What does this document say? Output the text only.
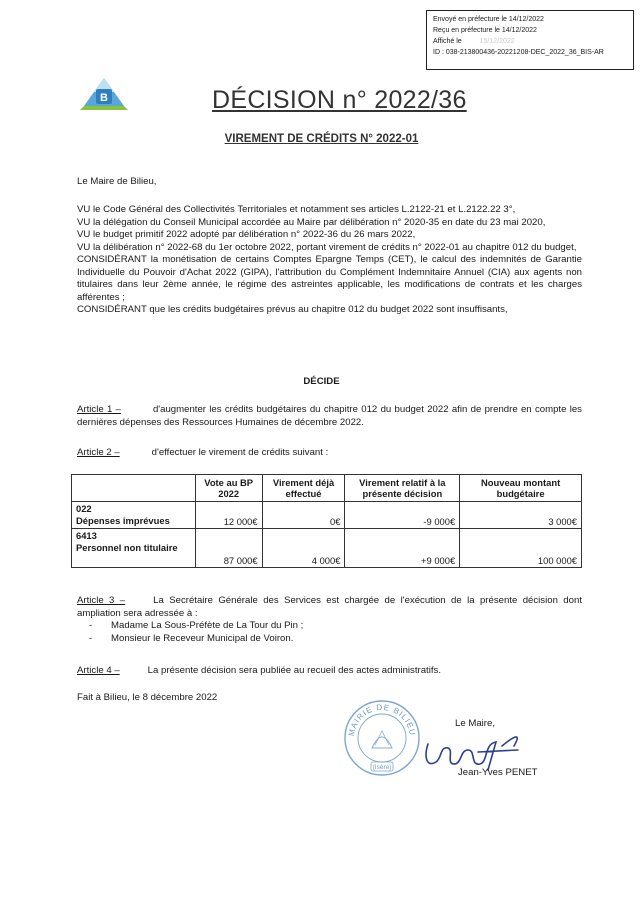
Envoyé en préfecture le 14/12/2022
Reçu en préfecture le 14/12/2022
Affiché le	15/12/2022
ID : 038-213800436-20221208-DEC_2022_36_BIS-AR
B	DÉCISION n° 2022/36
VIREMENT DE CRÉDITS N° 2022-01
Le Maire de Bilieu,

VU le Code Général des Collectivités Territoriales et notamment ses articles L.2122-21 et L.2122.22 3°,

VU la délégation du Conseil Municipal accordée au Maire par délibération n° 2020-35 en date du 23 mai 2020,

VU le budget primitif 2022 adopté par délibération n° 2022-36 du 26 mars 2022,

VU la délibération n° 2022-68 du 1er octobre 2022, portant virement de crédits n° 2022-01 au chapitre 012 du budget,

CONSIDÉRANT la monétisation de certains Comptes Epargne Temps (CET), le calcul des indemnités de Garantie Individuelle du Pouvoir d'Achat 2022 (GIPA), l'attribution du Complément Indemnitaire Annuel (CIA) aux agents non titulaires dans leur 2ème année, le régime des astreintes applicable, les modifications de contrats et les charges afférentes ;

CONSIDÉRANT que les crédits budgétaires prévus au chapitre 012 du budget 2022 sont insuffisants,

DÉCIDE
Article 1 –	d'augmenter les crédits budgétaires du chapitre 012 du budget 2022 afin de prendre en compte les dernières dépenses des Ressources Humaines de décembre 2022.
Article 2 –	d'effectuer le virement de crédits suivant :
	Vote au BP 2022	Virement déjà effectué	Virement relatif à la présente décision	Nouveau montant budgétaire

022
Dépenses imprévues	12 000€	0€	-9 000€	3 000€

6413
Personnel non titulaire	87 000€	4 000€	+9 000€	100 000€
Article 3 –	La Secrétaire Générale des Services est chargée de l'exécution de la présente décision dont ampliation sera adressée à :
- Madame La Sous-Préfète de La Tour du Pin ;
- Monsieur le Receveur Municipal de Voiron.
Article 4 –	La présente décision sera publiée au recueil des actes administratifs.
Fait à Bilieu, le 8 décembre 2022
MAIRIE DE BILIEU
(Isère)
Le Maire,
Jean-Yves PENET
